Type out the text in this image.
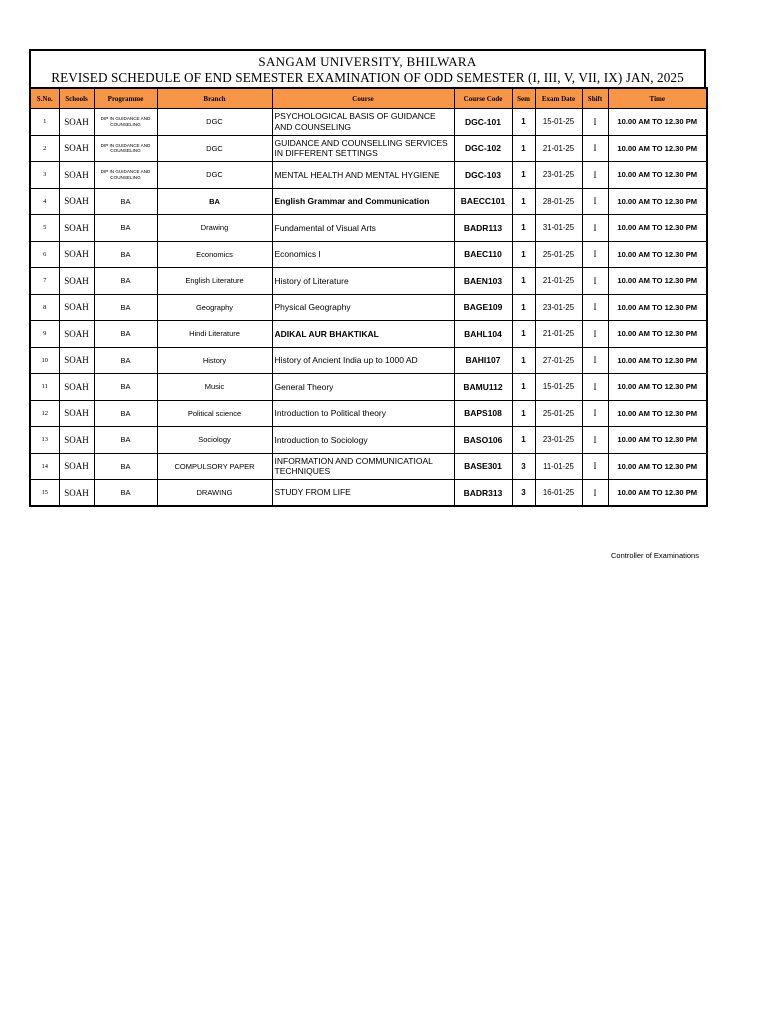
SANGAM UNIVERSITY, BHILWARA
REVISED SCHEDULE OF END SEMESTER EXAMINATION OF ODD SEMESTER (I, III, V, VII, IX) JAN, 2025
S.No.	Schools	Programme	Branch	Course	Course Code	Sem	Exam Date	Shift	Time
1	SOAH	DIP IN GUIDANCE AND COUNSELING	DGC	PSYCHOLOGICAL BASIS OF GUIDANCE AND COUNSELING	DGC-101	1	15-01-25	I	10.00 AM TO 12.30 PM
2	SOAH	DIP IN GUIDANCE AND COUNSELING	DGC	GUIDANCE AND COUNSELLING SERVICES IN DIFFERENT SETTINGS	DGC-102	1	21-01-25	I	10.00 AM TO 12.30 PM
3	SOAH	DIP IN GUIDANCE AND COUNSELING	DGC	MENTAL HEALTH AND MENTAL HYGIENE	DGC-103	1	23-01-25	I	10.00 AM TO 12.30 PM
4	SOAH	BA	BA	English Grammar and Communication	BAECC101	1	28-01-25	I	10.00 AM TO 12.30 PM
5	SOAH	BA	Drawing	Fundamental of Visual Arts	BADR113	1	31-01-25	I	10.00 AM TO 12.30 PM
6	SOAH	BA	Economics	Economics I	BAEC110	1	25-01-25	I	10.00 AM TO 12.30 PM
7	SOAH	BA	English Literature	History of Literature	BAEN103	1	21-01-25	I	10.00 AM TO 12.30 PM
8	SOAH	BA	Geography	Physical Geography	BAGE109	1	23-01-25	I	10.00 AM TO 12.30 PM
9	SOAH	BA	Hindi Literature	ADIKAL AUR BHAKTIKAL	BAHL104	1	21-01-25	I	10.00 AM TO 12.30 PM
10	SOAH	BA	History	History of Ancient India up to 1000 AD	BAHI107	1	27-01-25	I	10.00 AM TO 12.30 PM
11	SOAH	BA	Music	General Theory	BAMU112	1	15-01-25	I	10.00 AM TO 12.30 PM
12	SOAH	BA	Political science	Introduction to Political theory	BAPS108	1	25-01-25	I	10.00 AM TO 12.30 PM
13	SOAH	BA	Sociology	Introduction to Sociology	BASO106	1	23-01-25	I	10.00 AM TO 12.30 PM
14	SOAH	BA	COMPULSORY PAPER	INFORMATION AND COMMUNICATIOAL TECHNIQUES	BASE301	3	11-01-25	I	10.00 AM TO 12.30 PM
15	SOAH	BA	DRAWING	STUDY FROM LIFE	BADR313	3	16-01-25	I	10.00 AM TO 12.30 PM
Controller of Examinations
